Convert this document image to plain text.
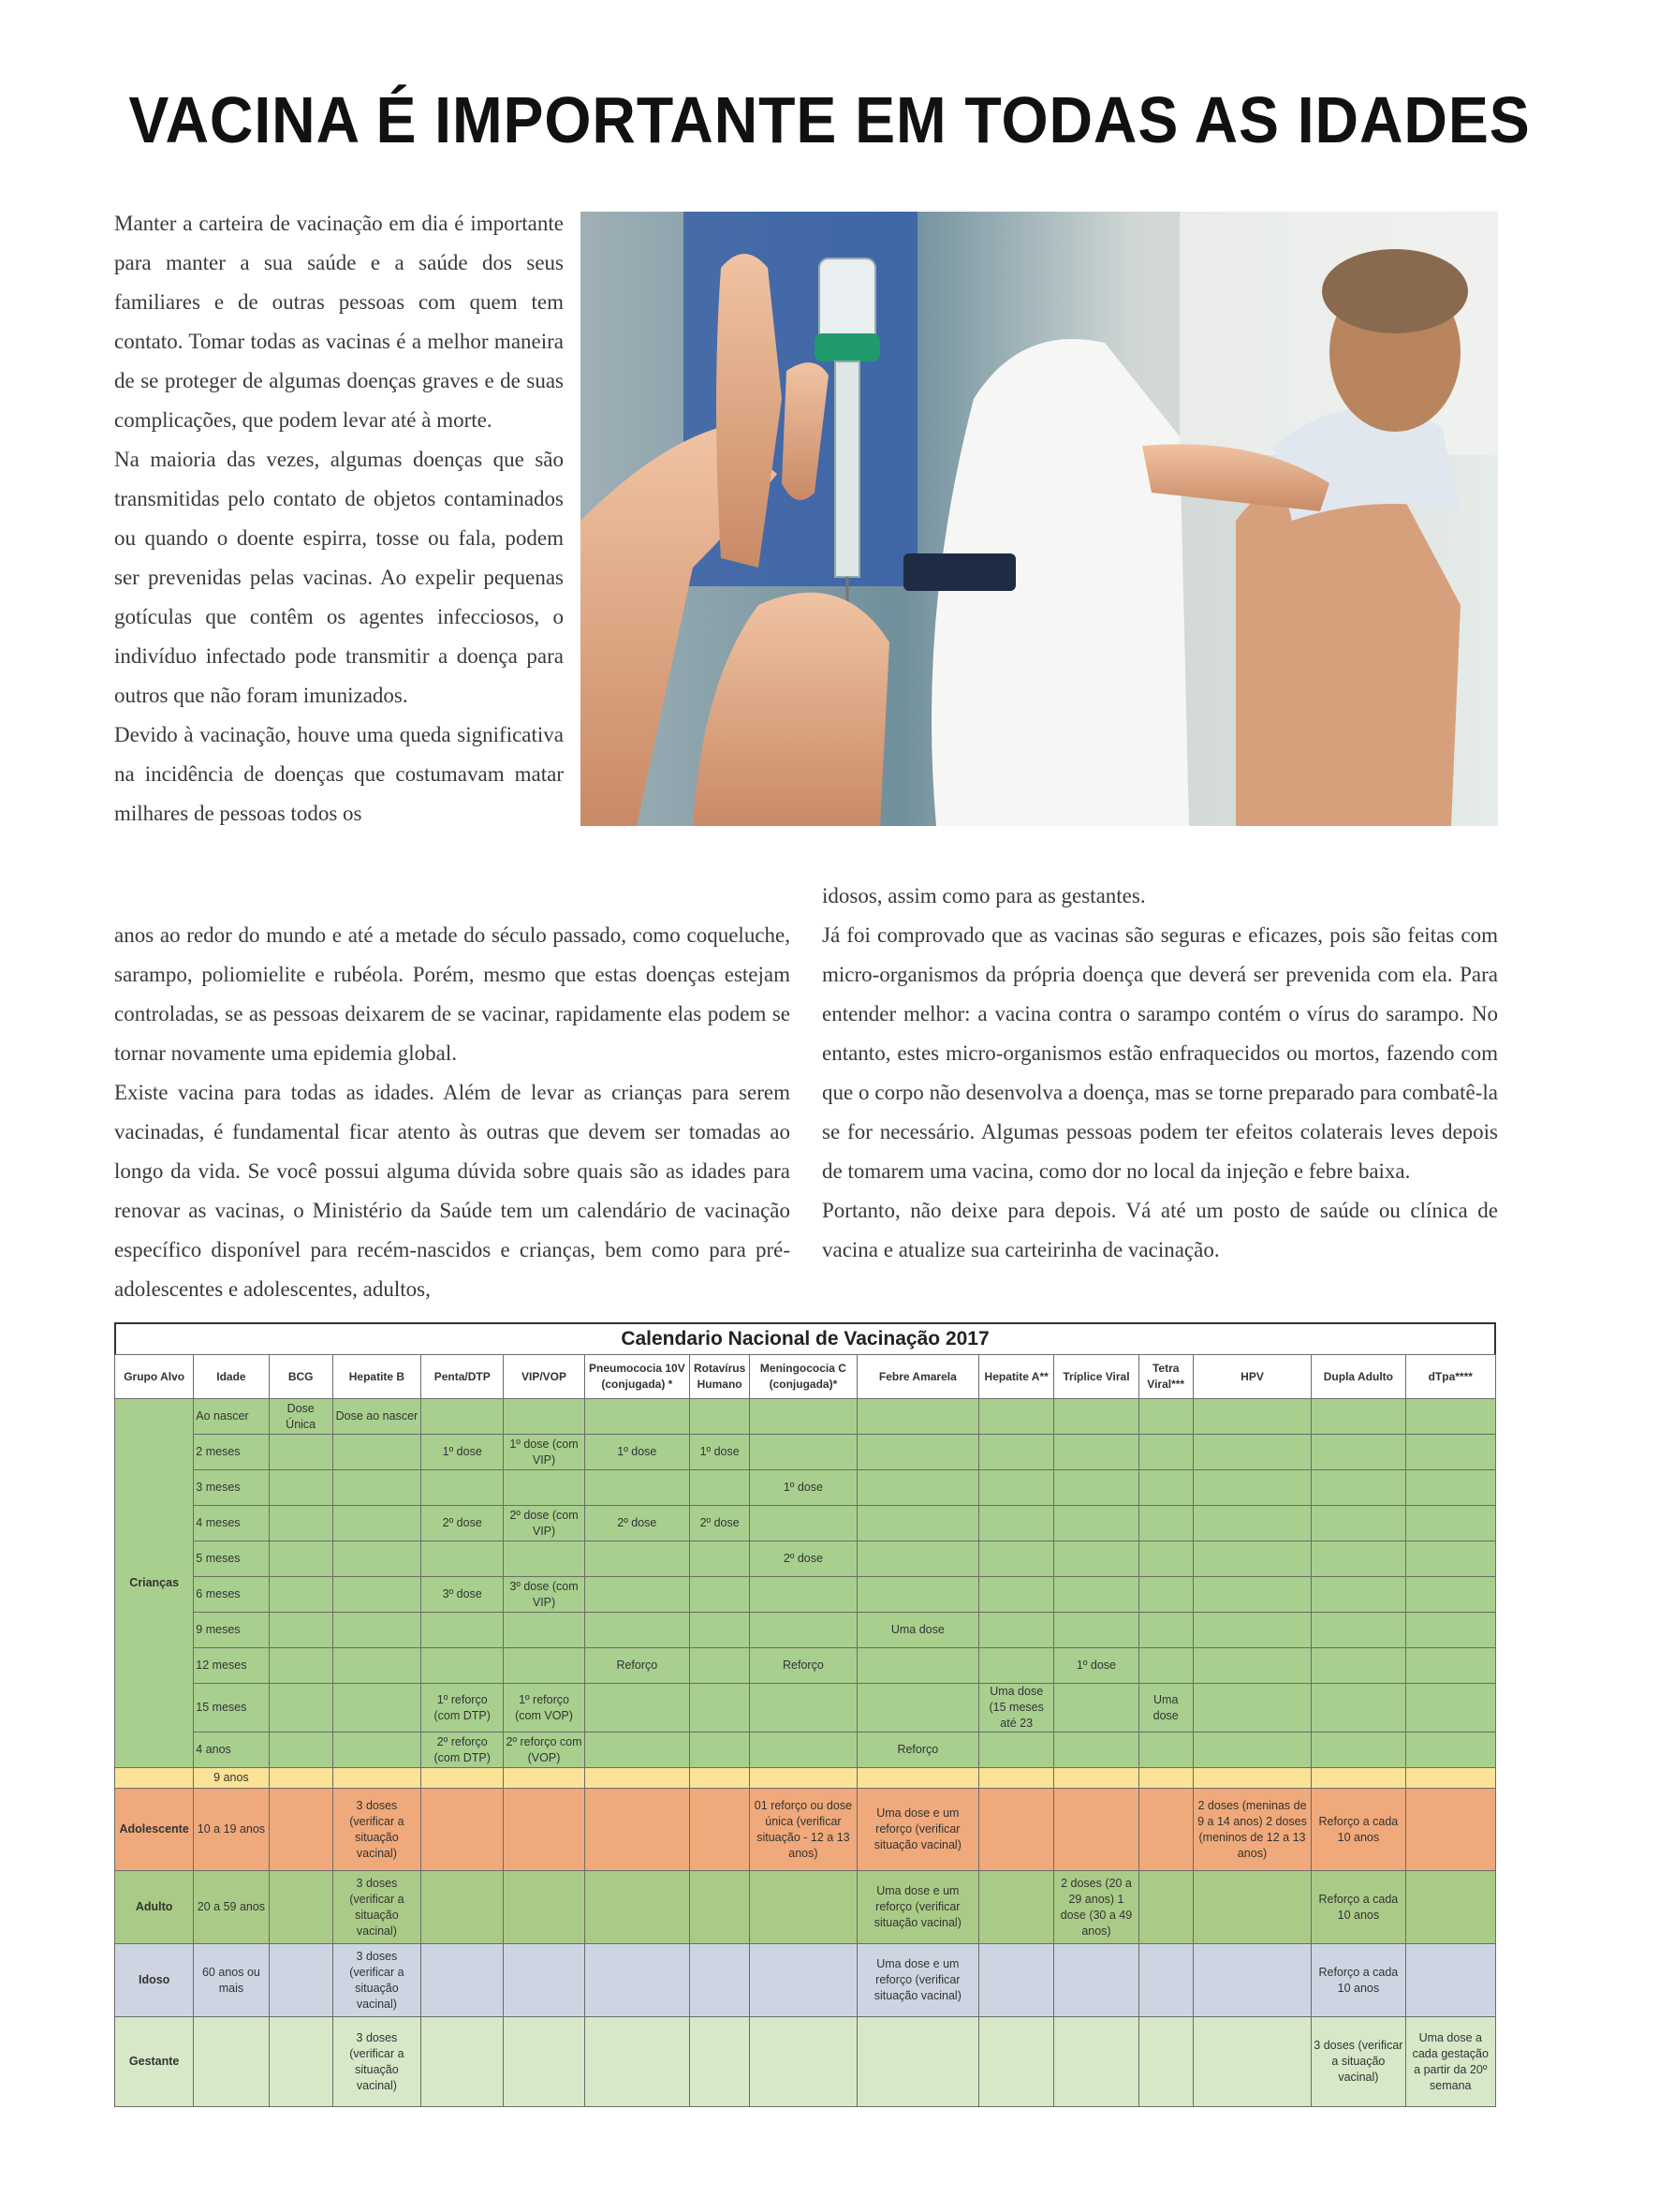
VACINA É IMPORTANTE EM TODAS AS IDADES

Manter a carteira de vacinação em dia é importante para manter a sua saúde e a saúde dos seus familiares e de outras pessoas com quem tem contato. Tomar todas as vacinas é a melhor maneira de se proteger de algumas doenças graves e de suas complicações, que podem levar até à morte.

Na maioria das vezes, algumas doenças que são transmitidas pelo contato de objetos contaminados ou quando o doente espirra, tosse ou fala, podem ser prevenidas pelas vacinas. Ao expelir pequenas gotículas que contêm os agentes infecciosos, o indivíduo infectado pode transmitir a doença para outros que não foram imunizados.

Devido à vacinação, houve uma queda significativa na incidência de doenças que costumavam matar milhares de pessoas todos os

anos ao redor do mundo e até a metade do século passado, como coqueluche, sarampo, poliomielite e rubéola. Porém, mesmo que estas doenças estejam controladas, se as pessoas deixarem de se vacinar, rapidamente elas podem se tornar novamente uma epidemia global.

Existe vacina para todas as idades. Além de levar as crianças para serem vacinadas, é fundamental ficar atento às outras que devem ser tomadas ao longo da vida. Se você possui alguma dúvida sobre quais são as idades para renovar as vacinas, o Ministério da Saúde tem um calendário de vacinação específico disponível para recém-nascidos e crianças, bem como para pré-adolescentes e adolescentes, adultos,

idosos, assim como para as gestantes.

Já foi comprovado que as vacinas são seguras e eficazes, pois são feitas com micro-organismos da própria doença que deverá ser prevenida com ela. Para entender melhor: a vacina contra o sarampo contém o vírus do sarampo. No entanto, estes micro-organismos estão enfraquecidos ou mortos, fazendo com que o corpo não desenvolva a doença, mas se torne preparado para combatê-la se for necessário. Algumas pessoas podem ter efeitos colaterais leves depois de tomarem uma vacina, como dor no local da injeção e febre baixa.

Portanto, não deixe para depois. Vá até um posto de saúde ou clínica de vacina e atualize sua carteirinha de vacinação.

Calendario Nacional de Vacinação 2017
Grupo Alvo	Idade	BCG	Hepatite B	Penta/DTP	VIP/VOP	Pneumococia 10V (conjugada) *	Rotavírus Humano	Meningococia C (conjugada)*	Febre Amarela	Hepatite A**	Tríplice Viral	Tetra Viral***	HPV	Dupla Adulto	dTpa****
Crianças	Ao nascer	Dose Única	Dose ao nascer												
	2 meses			1º dose	1º dose (com VIP)	1º dose	1º dose								
	3 meses							1º dose							
	4 meses			2º dose	2º dose (com VIP)	2º dose	2º dose								
	5 meses							2º dose							
	6 meses			3º dose	3º dose (com VIP)										
	9 meses								Uma dose						
	12 meses					Reforço		Reforço			1º dose				
	15 meses			1º reforço (com DTP)	1º reforço (com VOP)					Uma dose (15 meses até 23		Uma dose			
	4 anos			2º reforço (com DTP)	2º reforço com (VOP)				Reforço						
	9 anos														
Adolescente	10 a 19 anos		3 doses (verificar a situação vacinal)					01 reforço ou dose única (verificar situação - 12 a 13 anos)	Uma dose e um reforço (verificar situação vacinal)				2 doses (meninas de 9 a 14 anos) 2 doses (meninos de 12 a 13 anos)	Reforço a cada 10 anos	
Adulto	20 a 59 anos		3 doses (verificar a situação vacinal)						Uma dose e um reforço (verificar situação vacinal)		2 doses (20 a 29 anos) 1 dose (30 a 49 anos)			Reforço a cada 10 anos	
Idoso	60 anos ou mais		3 doses (verificar a situação vacinal)						Uma dose e um reforço (verificar situação vacinal)					Reforço a cada 10 anos	
Gestante			3 doses (verificar a situação vacinal)											3 doses (verificar a situação vacinal)	Uma dose a cada gestação a partir da 20º semana
